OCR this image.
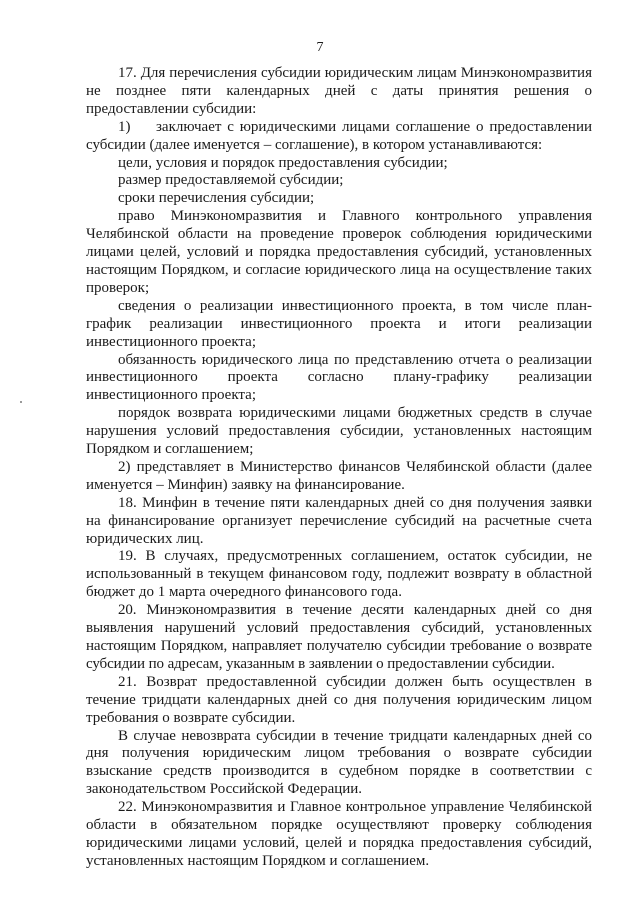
7

17. Для перечисления субсидии юридическим лицам Минэкономразвития не позднее пяти календарных дней с даты принятия решения о предоставлении субсидии:

1) заключает с юридическими лицами соглашение о предоставлении субсидии (далее именуется – соглашение), в котором устанавливаются:

цели, условия и порядок предоставления субсидии;

размер предоставляемой субсидии;

сроки перечисления субсидии;

право Минэкономразвития и Главного контрольного управления Челябинской области на проведение проверок соблюдения юридическими лицами целей, условий и порядка предоставления субсидий, установленных настоящим Порядком, и согласие юридического лица на осуществление таких проверок;

сведения о реализации инвестиционного проекта, в том числе план-график реализации инвестиционного проекта и итоги реализации инвестиционного проекта;

обязанность юридического лица по представлению отчета о реализации инвестиционного проекта согласно плану-графику реализации инвестиционного проекта;

порядок возврата юридическими лицами бюджетных средств в случае нарушения условий предоставления субсидии, установленных настоящим Порядком и соглашением;

2) представляет в Министерство финансов Челябинской области (далее именуется – Минфин) заявку на финансирование.

18. Минфин в течение пяти календарных дней со дня получения заявки на финансирование организует перечисление субсидий на расчетные счета юридических лиц.

19. В случаях, предусмотренных соглашением, остаток субсидии, не использованный в текущем финансовом году, подлежит возврату в областной бюджет до 1 марта очередного финансового года.

20. Минэкономразвития в течение десяти календарных дней со дня выявления нарушений условий предоставления субсидий, установленных настоящим Порядком, направляет получателю субсидии требование о возврате субсидии по адресам, указанным в заявлении о предоставлении субсидии.

21. Возврат предоставленной субсидии должен быть осуществлен в течение тридцати календарных дней со дня получения юридическим лицом требования о возврате субсидии.

В случае невозврата субсидии в течение тридцати календарных дней со дня получения юридическим лицом требования о возврате субсидии взыскание средств производится в судебном порядке в соответствии с законодательством Российской Федерации.

22. Минэкономразвития и Главное контрольное управление Челябинской области в обязательном порядке осуществляют проверку соблюдения юридическими лицами условий, целей и порядка предоставления субсидий, установленных настоящим Порядком и соглашением.
